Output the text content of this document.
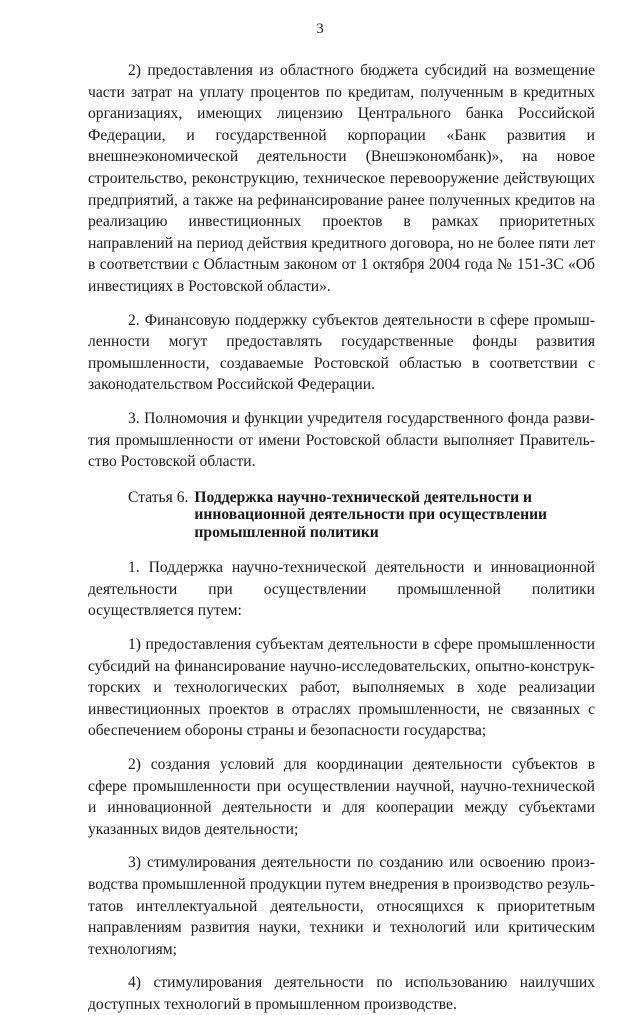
3

2) предоставления из областного бюджета субсидий на возмещение части затрат на уплату процентов по кредитам, полученным в кредитных организациях, имеющих лицензию Центрального банка Российской Федерации, и государственной корпорации «Банк развития и внешнеэкономической деятельности (Внешэкономбанк)», на новое строительство, реконструкцию, техническое перевооружение действующих предприятий, а также на рефинансирование ранее полученных кредитов на реализацию инвестиционных проектов в рамках приоритетных направлений на период действия кредитного договора, но не более пяти лет в соответствии с Областным законом от 1 октября 2004 года № 151-ЗС «Об инвестициях в Ростовской области».

2. Финансовую поддержку субъектов деятельности в сфере промышленности могут предоставлять государственные фонды развития промышленности, создаваемые Ростовской областью в соответствии с законодательством Российской Федерации.

3. Полномочия и функции учредителя государственного фонда развития промышленности от имени Ростовской области выполняет Правительство Ростовской области.

Статья 6. Поддержка научно-технической деятельности и инновационной деятельности при осуществлении промышленной политики

1. Поддержка научно-технической деятельности и инновационной деятельности при осуществлении промышленной политики осуществляется путем:

1) предоставления субъектам деятельности в сфере промышленности субсидий на финансирование научно-исследовательских, опытно-конструкторских и технологических работ, выполняемых в ходе реализации инвестиционных проектов в отраслях промышленности, не связанных с обеспечением обороны страны и безопасности государства;

2) создания условий для координации деятельности субъектов в сфере промышленности при осуществлении научной, научно-технической и инновационной деятельности и для кооперации между субъектами указанных видов деятельности;

3) стимулирования деятельности по созданию или освоению производства промышленной продукции путем внедрения в производство результатов интеллектуальной деятельности, относящихся к приоритетным направлениям развития науки, техники и технологий или критическим технологиям;

4) стимулирования деятельности по использованию наилучших доступных технологий в промышленном производстве.
